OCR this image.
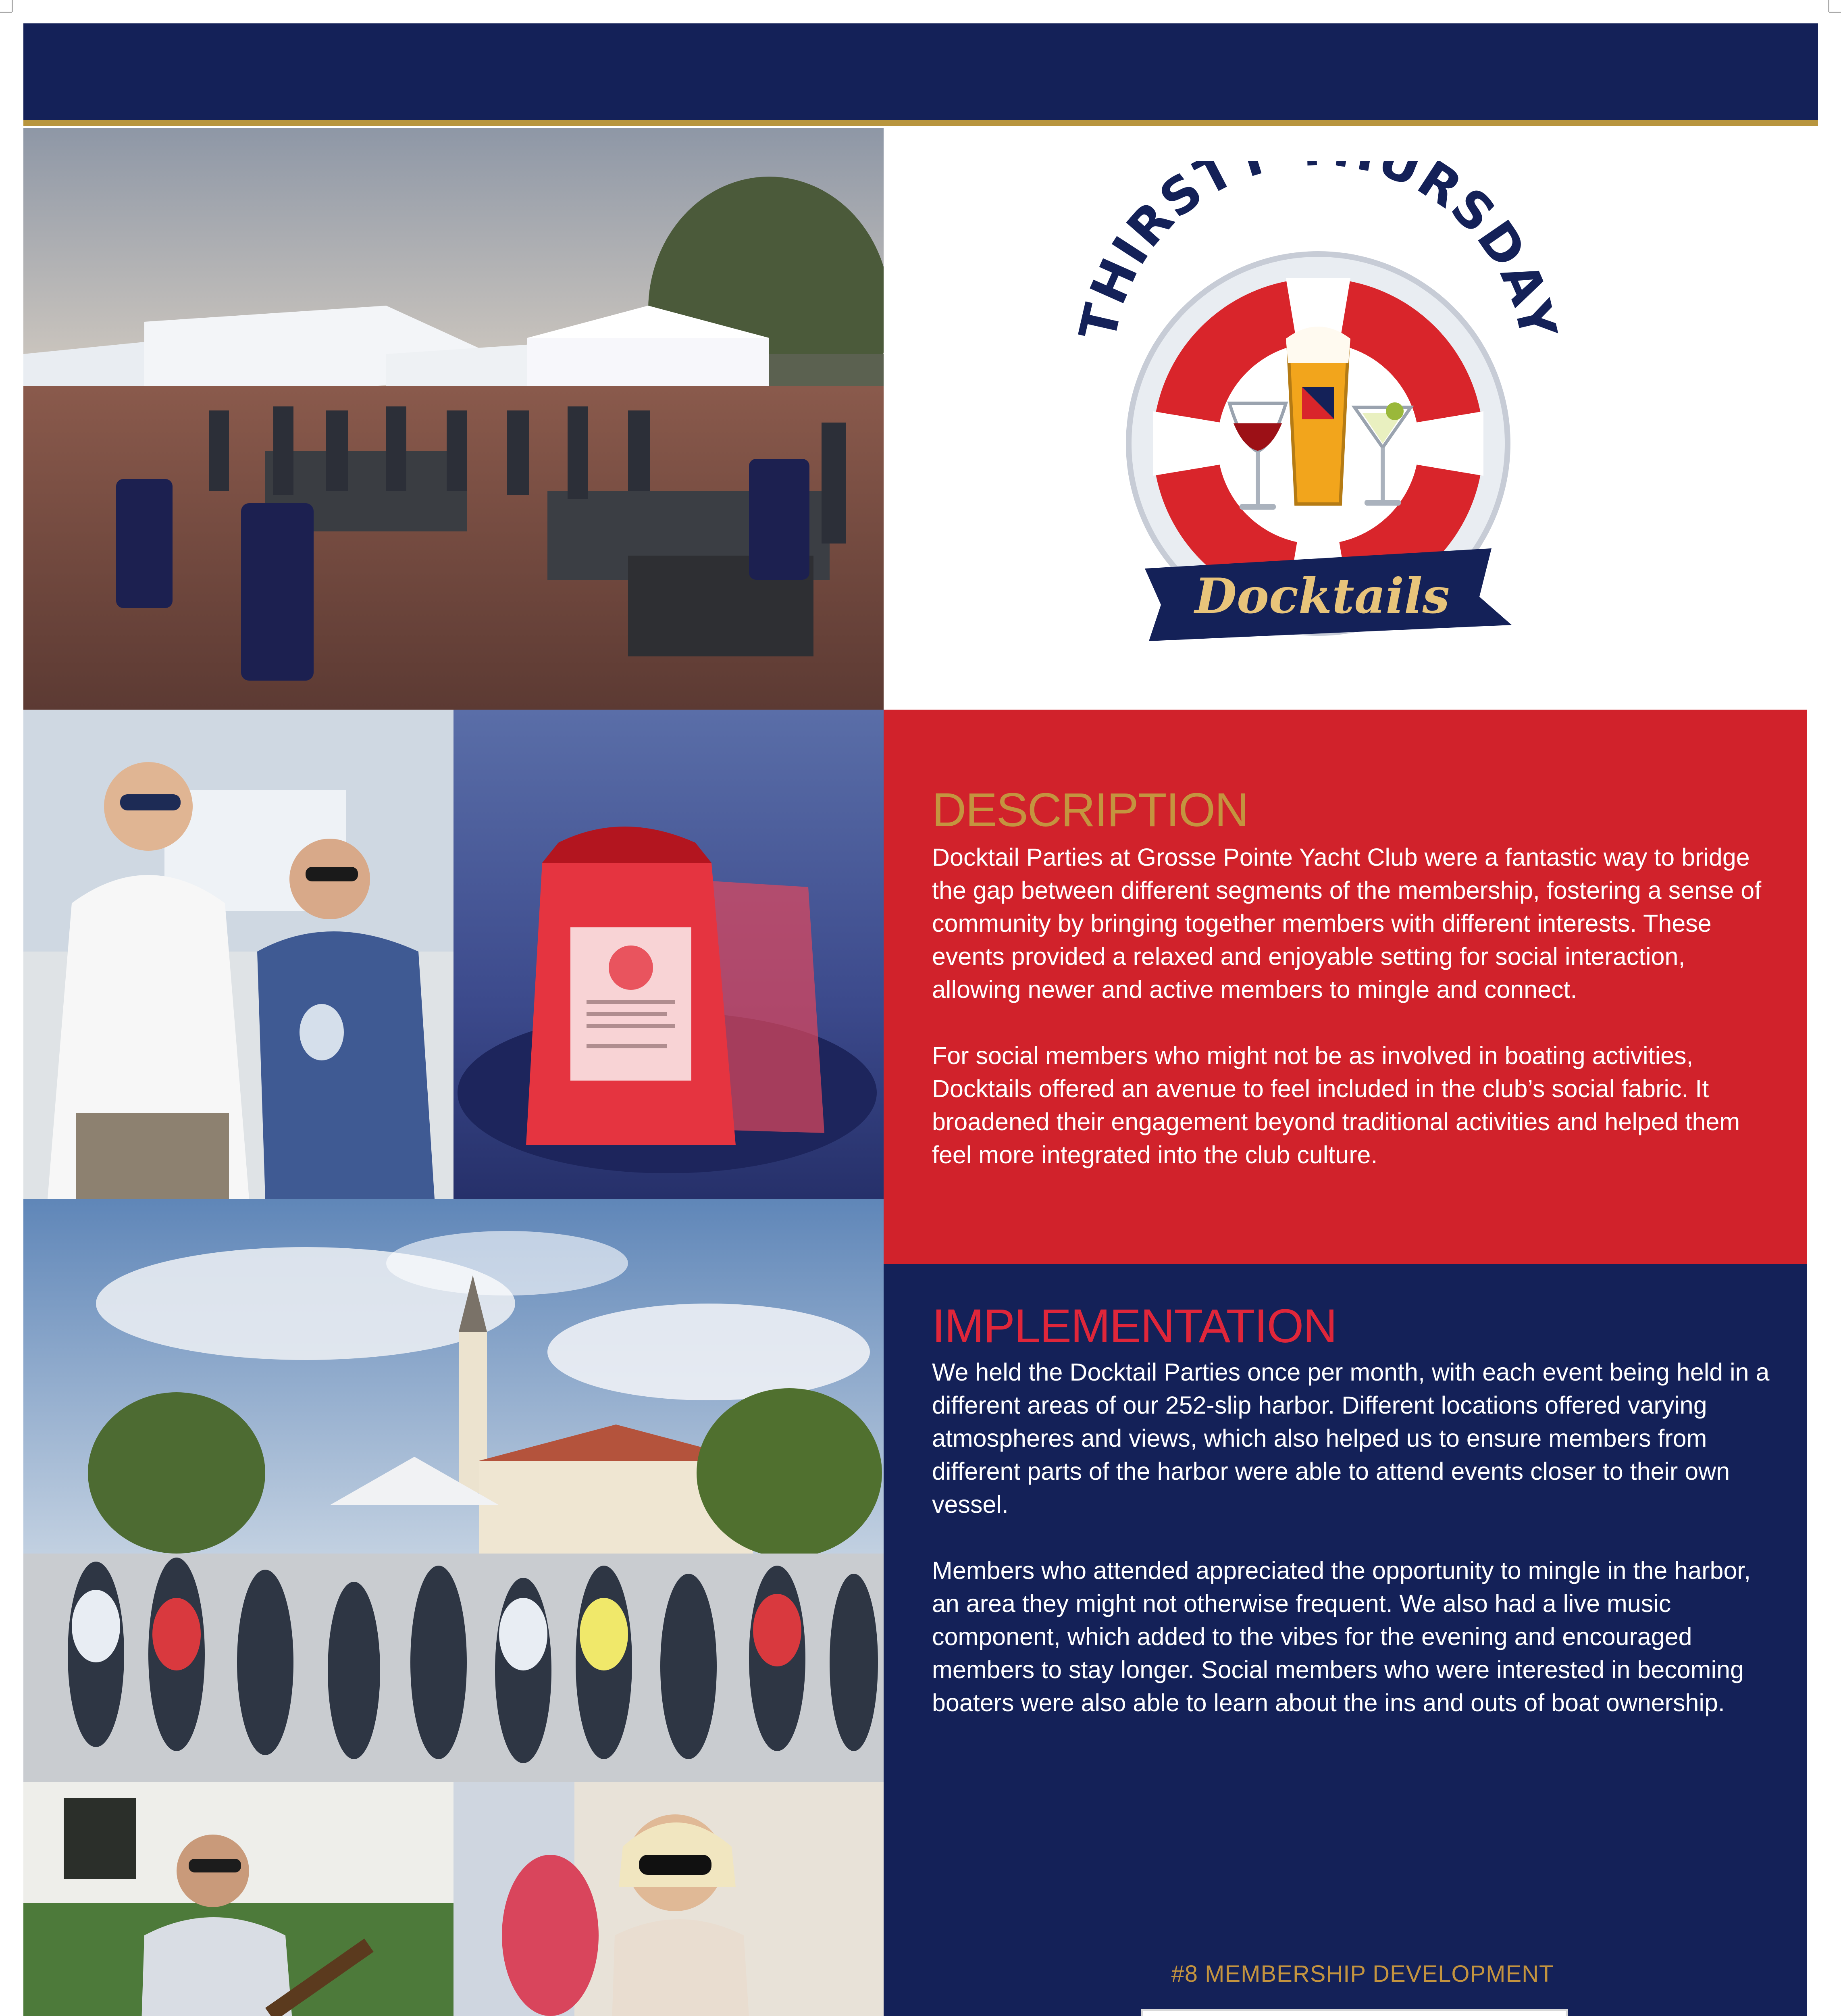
THIRST URSDAY
Docktails
DESCRIPTION

Docktail Parties at Grosse Pointe Yacht Club were a fantastic way to bridge the gap between different segments of the membership, fostering a sense of community by bringing together members with different interests. These events provided a relaxed and enjoyable setting for social interaction, allowing newer and active members to mingle and connect.

For social members who might not be as involved in boating activities, Docktails offered an avenue to feel included in the club’s social fabric. It broadened their engagement beyond traditional activities and helped them feel more integrated into the club culture.

IMPLEMENTATION

We held the Docktail Parties once per month, with each event being held in a different areas of our 252-slip harbor. Different locations offered varying atmospheres and views, which also helped us to ensure members from different parts of the harbor were able to attend events closer to their own vessel.

Members who attended appreciated the opportunity to mingle in the harbor, an area they might not otherwise frequent. We also had a live music component, which added to the vibes for the evening and encouraged members to stay longer. Social members who were interested in becoming boaters were also able to learn about the ins and outs of boat ownership.

#8 MEMBERSHIP DEVELOPMENT
